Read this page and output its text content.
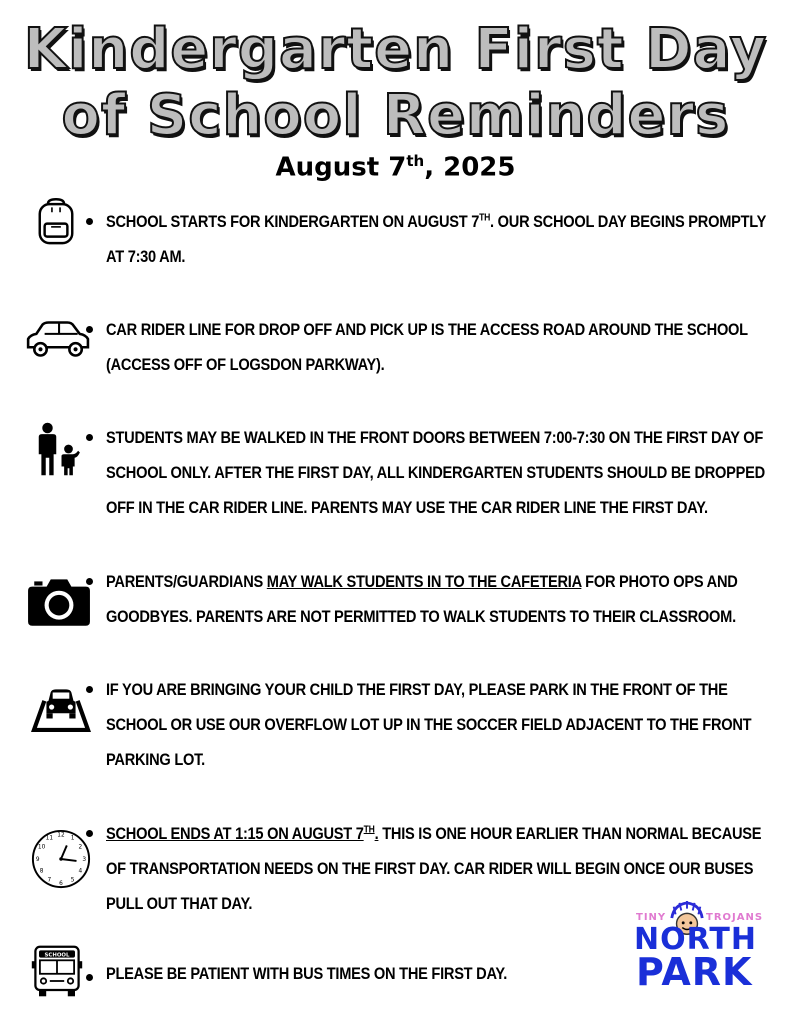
Kindergarten First Day
of School Reminders
August 7th, 2025
SCHOOL STARTS FOR KINDERGARTEN ON AUGUST 7TH. OUR SCHOOL DAY BEGINS PROMPTLY
AT 7:30 AM.
CAR RIDER LINE FOR DROP OFF AND PICK UP IS THE ACCESS ROAD AROUND THE SCHOOL
(ACCESS OFF OF LOGSDON PARKWAY).
STUDENTS MAY BE WALKED IN THE FRONT DOORS BETWEEN 7:00-7:30 ON THE FIRST DAY OF
SCHOOL ONLY. AFTER THE FIRST DAY, ALL KINDERGARTEN STUDENTS SHOULD BE DROPPED
OFF IN THE CAR RIDER LINE. PARENTS MAY USE THE CAR RIDER LINE THE FIRST DAY.
PARENTS/GUARDIANS MAY WALK STUDENTS IN TO THE CAFETERIA FOR PHOTO OPS AND
GOODBYES. PARENTS ARE NOT PERMITTED TO WALK STUDENTS TO THEIR CLASSROOM.
IF YOU ARE BRINGING YOUR CHILD THE FIRST DAY, PLEASE PARK IN THE FRONT OF THE
SCHOOL OR USE OUR OVERFLOW LOT UP IN THE SOCCER FIELD ADJACENT TO THE FRONT
PARKING LOT.
12 1
2
3
4
5
6
7
8
9
10
11	SCHOOL ENDS AT 1:15 ON AUGUST 7TH. THIS IS ONE HOUR EARLIER THAN NORMAL BECAUSE
OF TRANSPORTATION NEEDS ON THE FIRST DAY. CAR RIDER WILL BEGIN ONCE OUR BUSES
PULL OUT THAT DAY.
SCHOOL
PLEASE BE PATIENT WITH BUS TIMES ON THE FIRST DAY.
TINY	TROJANS
NORTH
PARK
